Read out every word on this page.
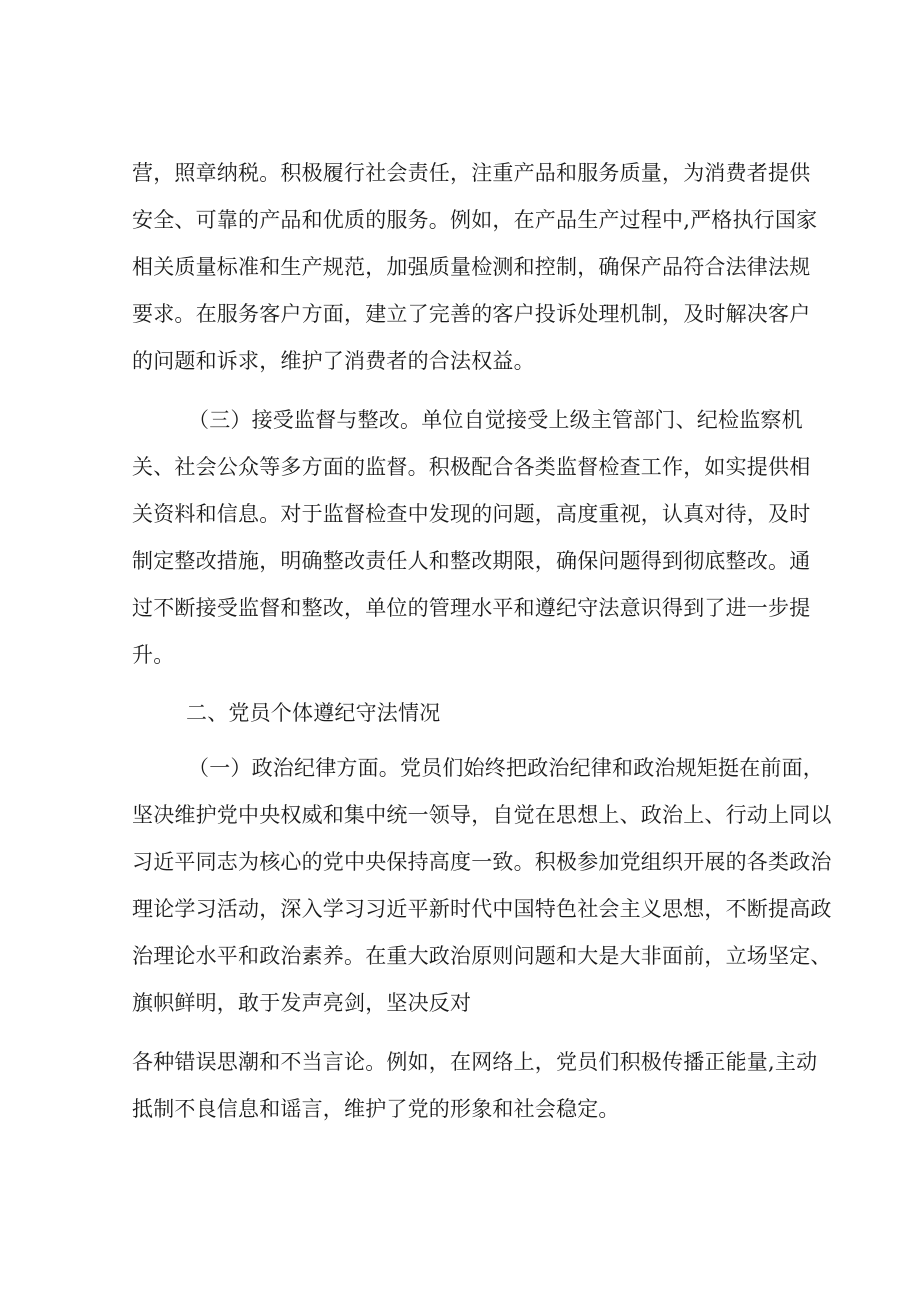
营，照章纳税。积极履行社会责任，注重产品和服务质量，为消费者提供
安全、可靠的产品和优质的服务。例如，在产品生产过程中,严格执行国家
相关质量标准和生产规范，加强质量检测和控制，确保产品符合法律法规
要求。在服务客户方面，建立了完善的客户投诉处理机制，及时解决客户
的问题和诉求，维护了消费者的合法权益。
（三）接受监督与整改。单位自觉接受上级主管部门、纪检监察机
关、社会公众等多方面的监督。积极配合各类监督检查工作，如实提供相
关资料和信息。对于监督检查中发现的问题，高度重视，认真对待，及时
制定整改措施，明确整改责任人和整改期限，确保问题得到彻底整改。通
过不断接受监督和整改，单位的管理水平和遵纪守法意识得到了进一步提
升。
二、党员个体遵纪守法情况
（一）政治纪律方面。党员们始终把政治纪律和政治规矩挺在前面，
坚决维护党中央权威和集中统一领导，自觉在思想上、政治上、行动上同以
习近平同志为核心的党中央保持高度一致。积极参加党组织开展的各类政治
理论学习活动，深入学习习近平新时代中国特色社会主义思想，不断提高政
治理论水平和政治素养。在重大政治原则问题和大是大非面前，立场坚定、
旗帜鲜明，敢于发声亮剑，坚决反对
各种错误思潮和不当言论。例如，在网络上，党员们积极传播正能量,主动
抵制不良信息和谣言，维护了党的形象和社会稳定。
